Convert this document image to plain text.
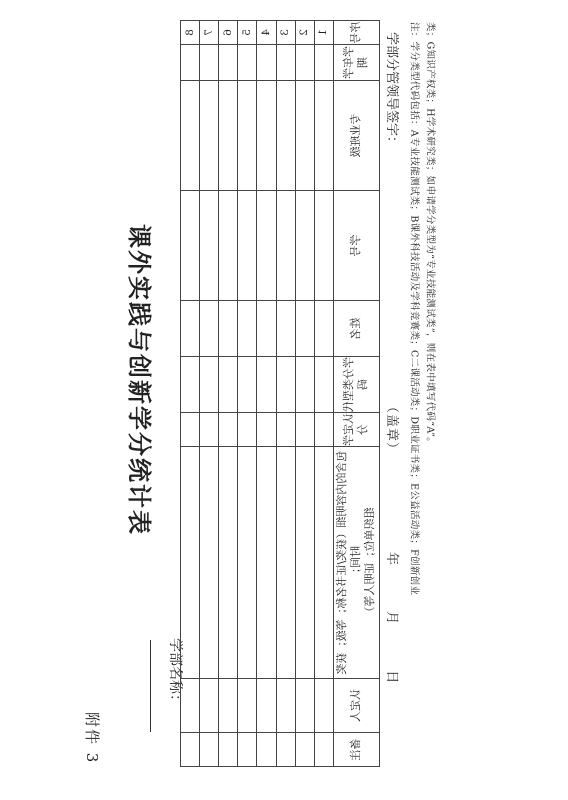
附件 3
课外实践与创新学分统计表
学部名称：
序号	学年学期	专业班级	学号	姓名	学分类型代码	认定学分	包含的内容明细（获奖/证书名称；等级；获奖时间； 组织单位；证明人等）	认定人	备注
1									
2									
3									
4									
5									
6									
7									
8										学部分管领导签字：
（盖章）
年 月 日
注：学分类型代码包括：A专业技能测试类；B课外科技活动及学科竞赛类；C二课活动类；D职业证书类；E公益活动类；F创新创业 类；G知识产权类；H学术研究类；如申请学分类型为“专业技能测试类”，则在表中填写代码“A”。
